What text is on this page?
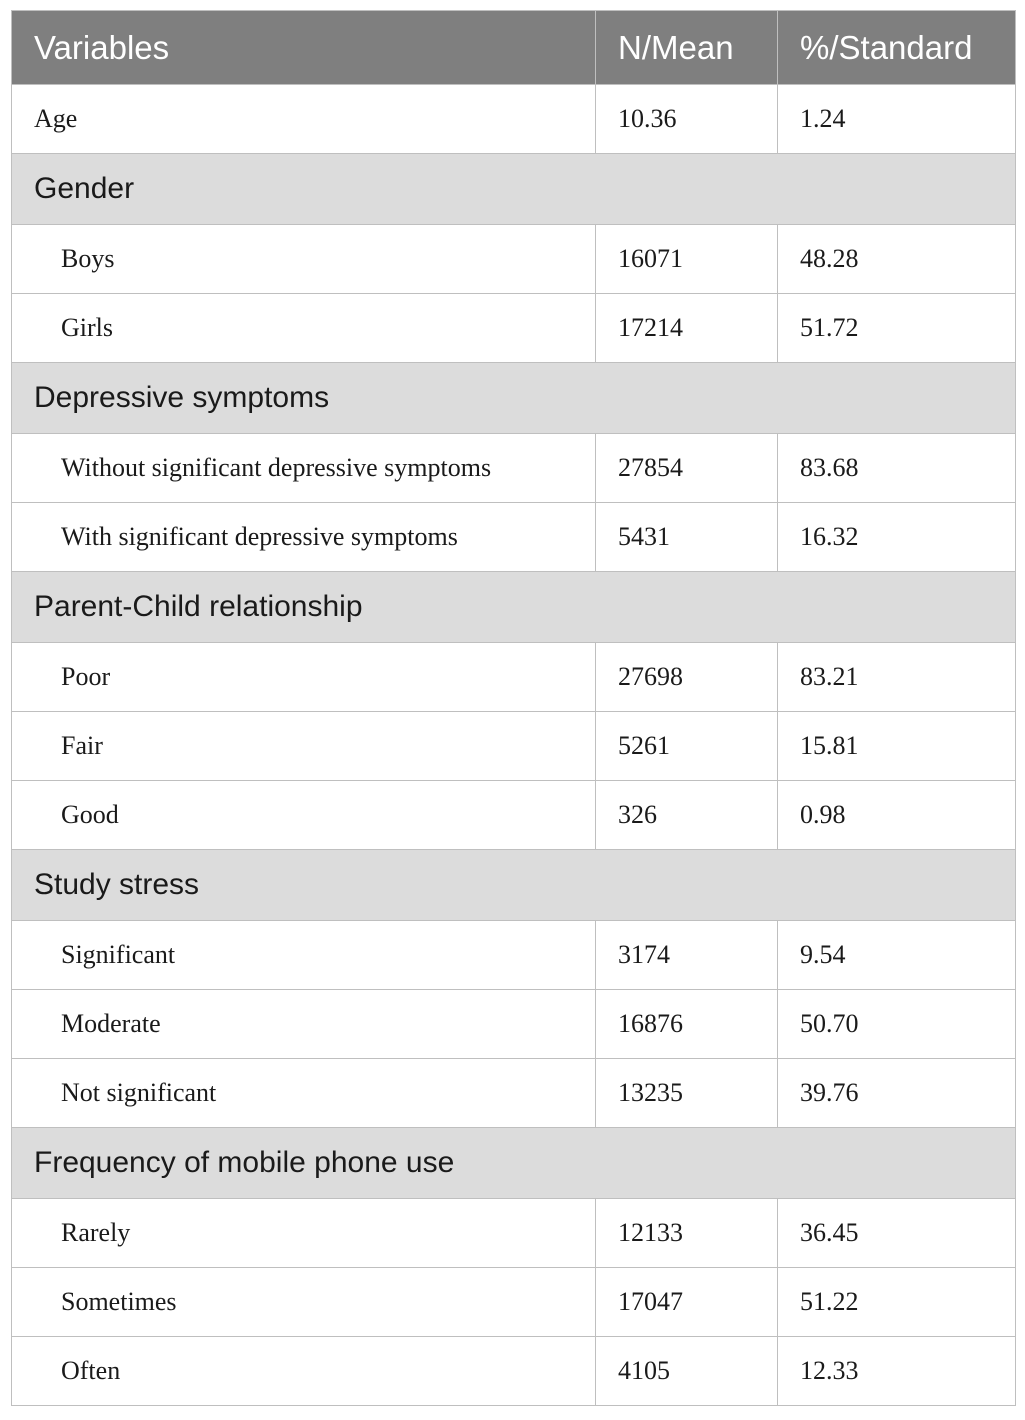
Variables	N/Mean	%/Standard
Age	10.36	1.24
Gender		
Boys	16071	48.28
Girls	17214	51.72
Depressive symptoms		
Without significant depressive symptoms	27854	83.68
With significant depressive symptoms	5431	16.32
Parent-Child relationship		
Poor	27698	83.21
Fair	5261	15.81
Good	326	0.98
Study stress		
Significant	3174	9.54
Moderate	16876	50.70
Not significant	13235	39.76
Frequency of mobile phone use		
Rarely	12133	36.45
Sometimes	17047	51.22
Often	4105	12.33
